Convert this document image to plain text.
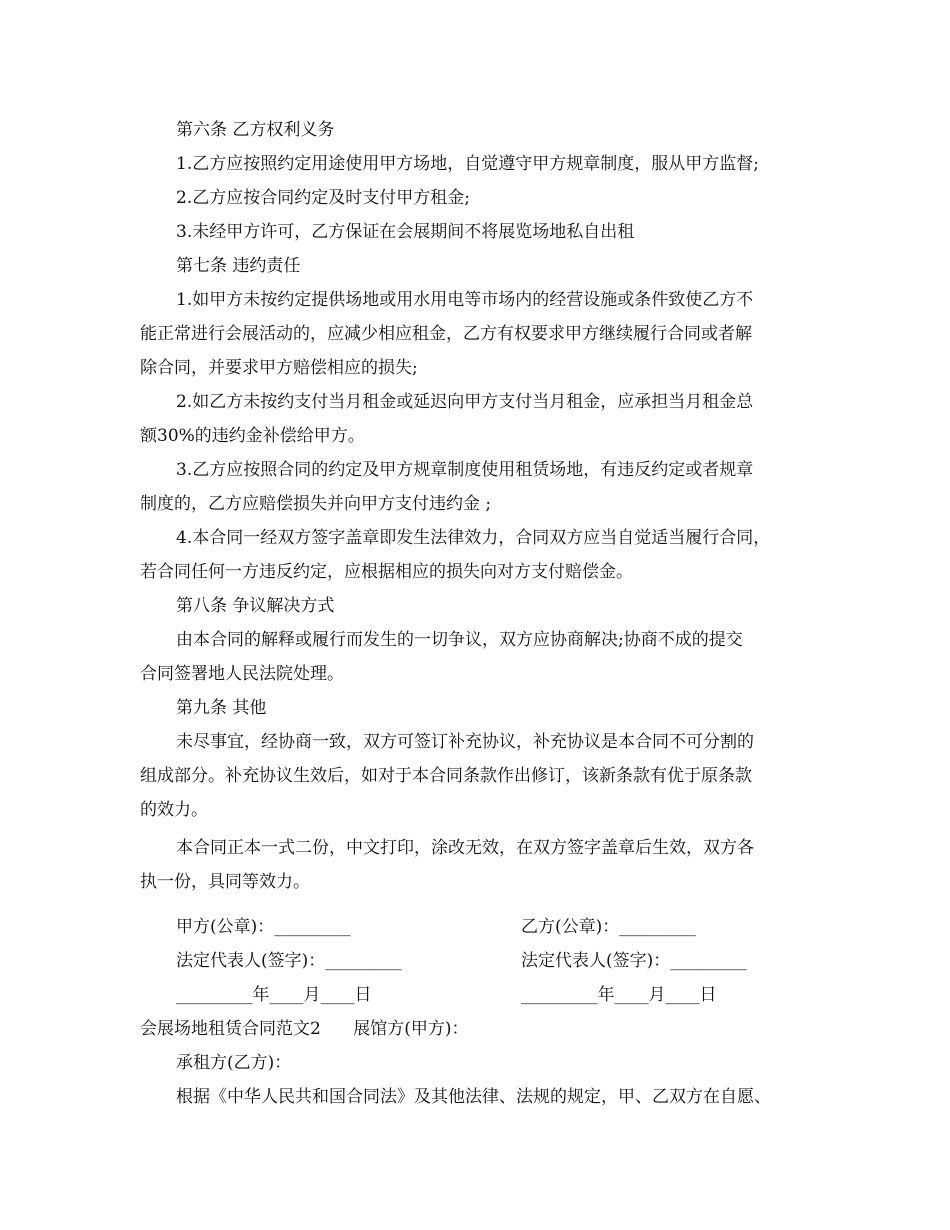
第六条 乙方权利义务
1.乙方应按照约定用途使用甲方场地，自觉遵守甲方规章制度，服从甲方监督;
2.乙方应按合同约定及时支付甲方租金;
3.未经甲方许可，乙方保证在会展期间不将展览场地私自出租
第七条 违约责任
1.如甲方未按约定提供场地或用水用电等市场内的经营设施或条件致使乙方不
能正常进行会展活动的，应减少相应租金，乙方有权要求甲方继续履行合同或者解
除合同，并要求甲方赔偿相应的损失;
2.如乙方未按约支付当月租金或延迟向甲方支付当月租金，应承担当月租金总
额30%的违约金补偿给甲方。
3.乙方应按照合同的约定及甲方规章制度使用租赁场地，有违反约定或者规章
制度的，乙方应赔偿损失并向甲方支付违约金 ;
4.本合同一经双方签字盖章即发生法律效力，合同双方应当自觉适当履行合同，
若合同任何一方违反约定，应根据相应的损失向对方支付赔偿金。
第八条 争议解决方式
由本合同的解释或履行而发生的一切争议，双方应协商解决;协商不成的提交
合同签署地人民法院处理。
第九条 其他
未尽事宜，经协商一致，双方可签订补充协议，补充协议是本合同不可分割的
组成部分。补充协议生效后，如对于本合同条款作出修订，该新条款有优于原条款
的效力。
本合同正本一式二份，中文打印，涂改无效，在双方签字盖章后生效，双方各
执一份，具同等效力。
甲方(公章)：_________	乙方(公章)：_________
法定代表人(签字)：_________	法定代表人(签字)：_________
_________年____月____日	_________年____月____日
会展场地租赁合同范文2      展馆方(甲方)：
承租方(乙方)：
根据《中华人民共和国合同法》及其他法律、法规的规定，甲、乙双方在自愿、
